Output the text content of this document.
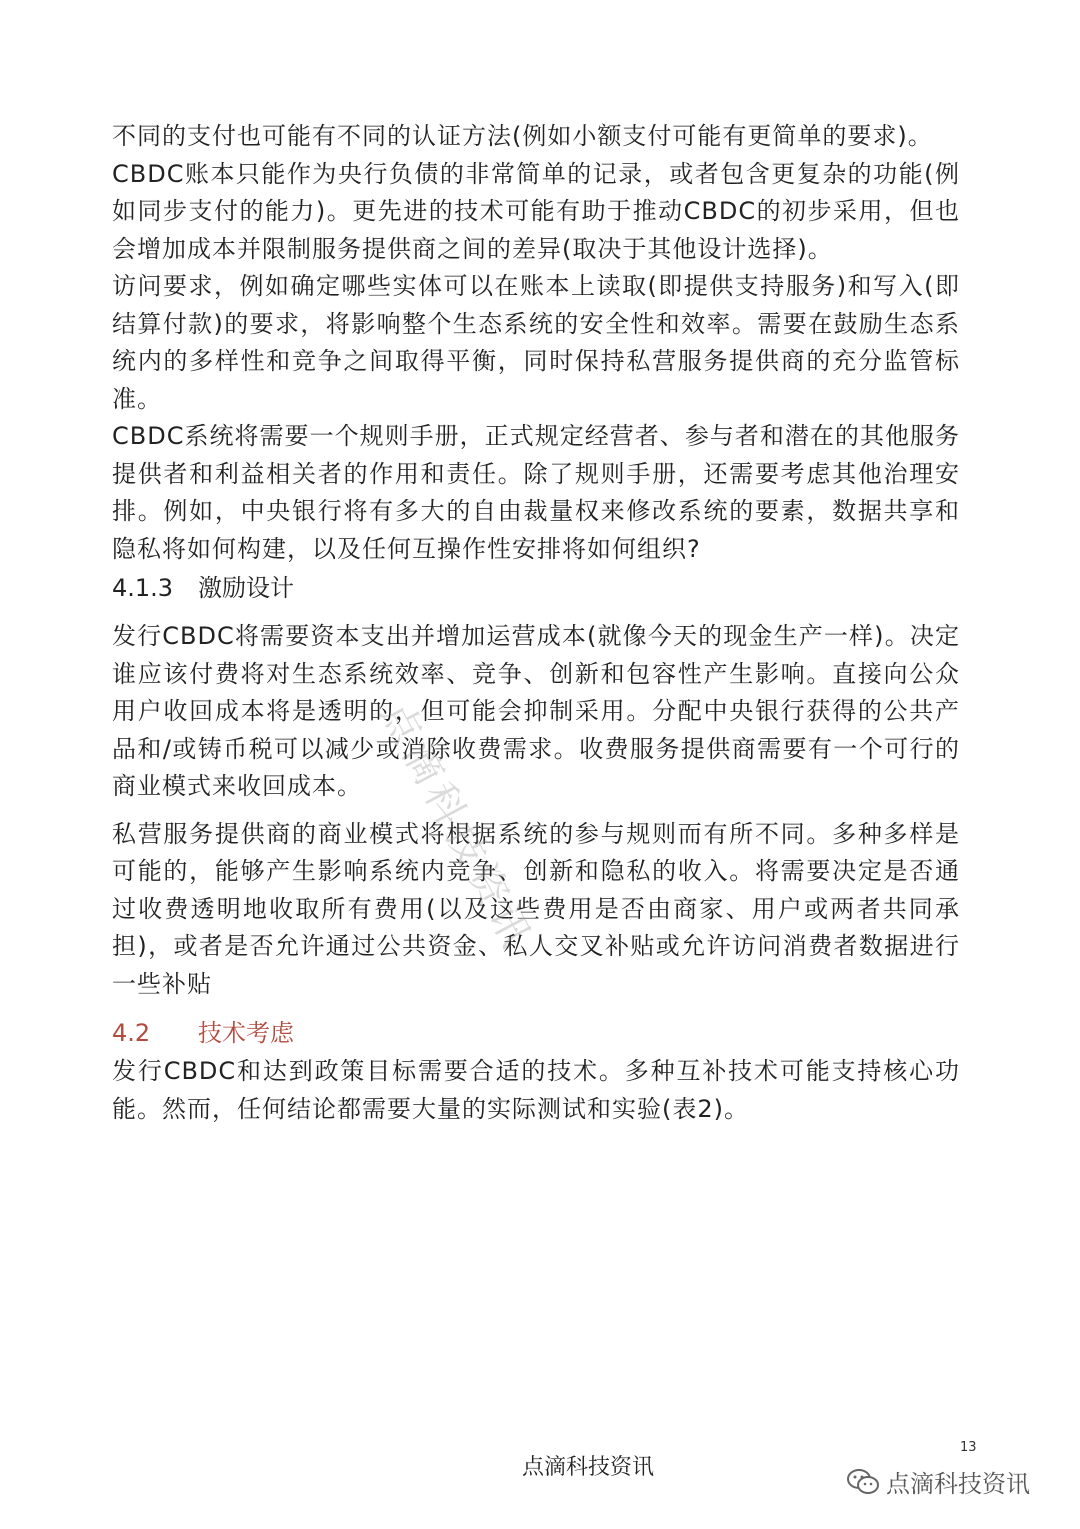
不同的支付也可能有不同的认证方法(例如小额支付可能有更简单的要求)。

CBDC账本只能作为央行负债的非常简单的记录，或者包含更复杂的功能(例如同步支付的能力)。更先进的技术可能有助于推动CBDC的初步采用，但也会增加成本并限制服务提供商之间的差异(取决于其他设计选择)。

访问要求，例如确定哪些实体可以在账本上读取(即提供支持服务)和写入(即结算付款)的要求，将影响整个生态系统的安全性和效率。需要在鼓励生态系统内的多样性和竞争之间取得平衡，同时保持私营服务提供商的充分监管标准。

CBDC系统将需要一个规则手册，正式规定经营者、参与者和潜在的其他服务提供者和利益相关者的作用和责任。除了规则手册，还需要考虑其他治理安排。例如，中央银行将有多大的自由裁量权来修改系统的要素，数据共享和隐私将如何构建，以及任何互操作性安排将如何组织?

4.1.3	激励设计

发行CBDC将需要资本支出并增加运营成本(就像今天的现金生产一样)。决定谁应该付费将对生态系统效率、竞争、创新和包容性产生影响。直接向公众用户收回成本将是透明的，但可能会抑制采用。分配中央银行获得的公共产品和/或铸币税可以减少或消除收费需求。收费服务提供商需要有一个可行的商业模式来收回成本。

私营服务提供商的商业模式将根据系统的参与规则而有所不同。多种多样是可能的，能够产生影响系统内竞争、创新和隐私的收入。将需要决定是否通过收费透明地收取所有费用(以及这些费用是否由商家、用户或两者共同承担)，或者是否允许通过公共资金、私人交叉补贴或允许访问消费者数据进行一些补贴

4.2	技术考虑

发行CBDC和达到政策目标需要合适的技术。多种互补技术可能支持核心功能。然而，任何结论都需要大量的实际测试和实验(表2)。

点滴科技资讯
13
点滴科技资讯
点滴科技资讯
